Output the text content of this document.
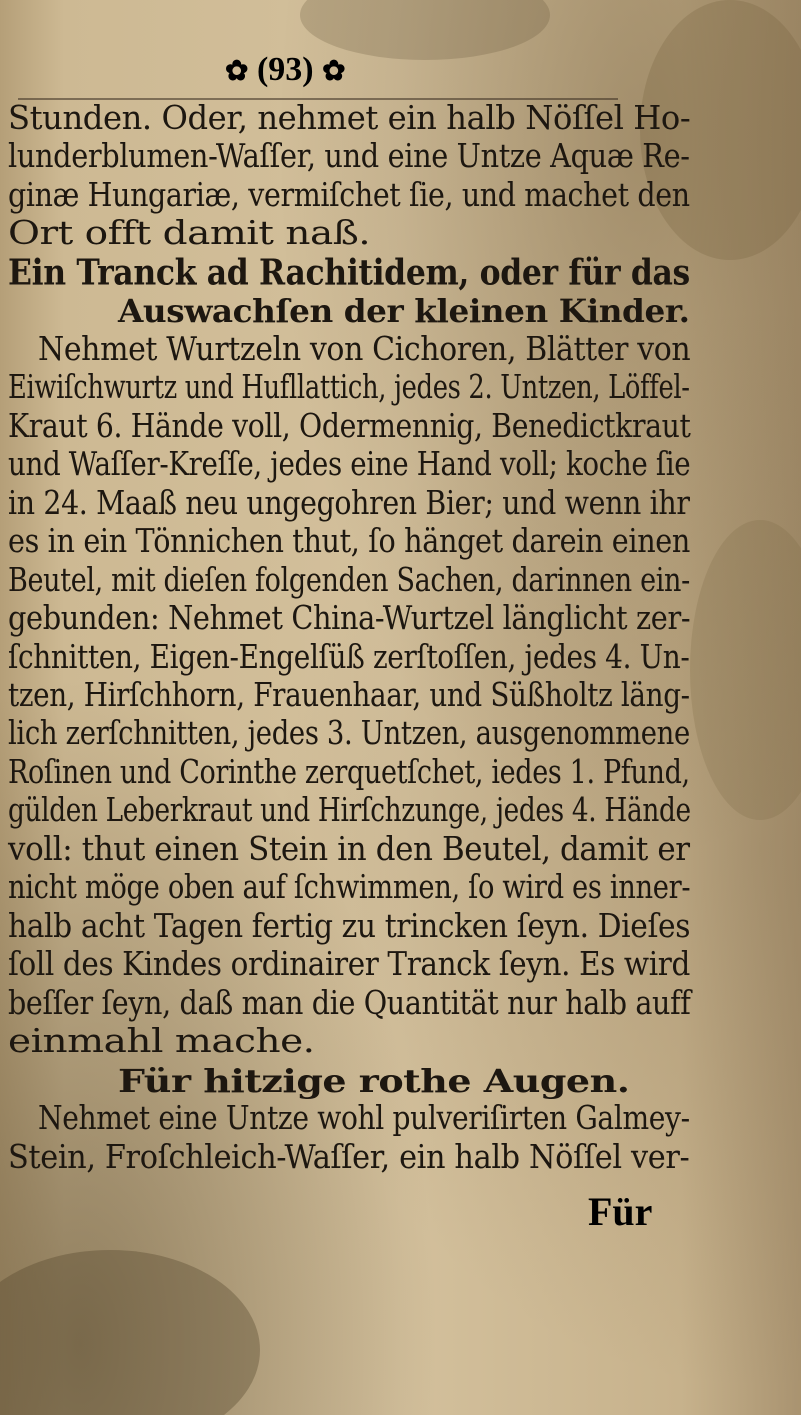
✿ (93) ✿
Stunden. Oder, nehmet ein halb Nöſſel Ho-
lunderblumen-Waſſer, und eine Untze Aquæ Re-
ginæ Hungariæ, vermiſchet ſie, und machet den
Ort offt damit naß.
Ein Tranck ad Rachitidem, oder für das
Auswachſen der kleinen Kinder.
Nehmet Wurtzeln von Cichoren, Blätter von
Eiwiſchwurtz und Hufllattich, jedes 2. Untzen, Löffel-
Kraut 6. Hände voll, Odermennig, Benedictkraut
und Waſſer-Kreſſe, jedes eine Hand voll; koche ſie
in 24. Maaß neu ungegohren Bier; und wenn ihr
es in ein Tönnichen thut, ſo hänget darein einen
Beutel, mit dieſen folgenden Sachen, darinnen ein-
gebunden: Nehmet China-Wurtzel länglicht zer-
ſchnitten, Eigen-Engelſüß zerſtoſſen, jedes 4. Un-
tzen, Hirſchhorn, Frauenhaar, und Süßholtz läng-
lich zerſchnitten, jedes 3. Untzen, ausgenommene
Roſinen und Corinthe zerquetſchet, iedes 1. Pfund,
gülden Leberkraut und Hirſchzunge, jedes 4. Hände
voll: thut einen Stein in den Beutel, damit er
nicht möge oben auf ſchwimmen, ſo wird es inner-
halb acht Tagen fertig zu trincken ſeyn. Dieſes
ſoll des Kindes ordinairer Tranck ſeyn. Es wird
beſſer ſeyn, daß man die Quantität nur halb auff
einmahl mache.
Für hitzige rothe Augen.
Nehmet eine Untze wohl pulveriſirten Galmey-
Stein, Froſchleich-Waſſer, ein halb Nöſſel ver-
Für
